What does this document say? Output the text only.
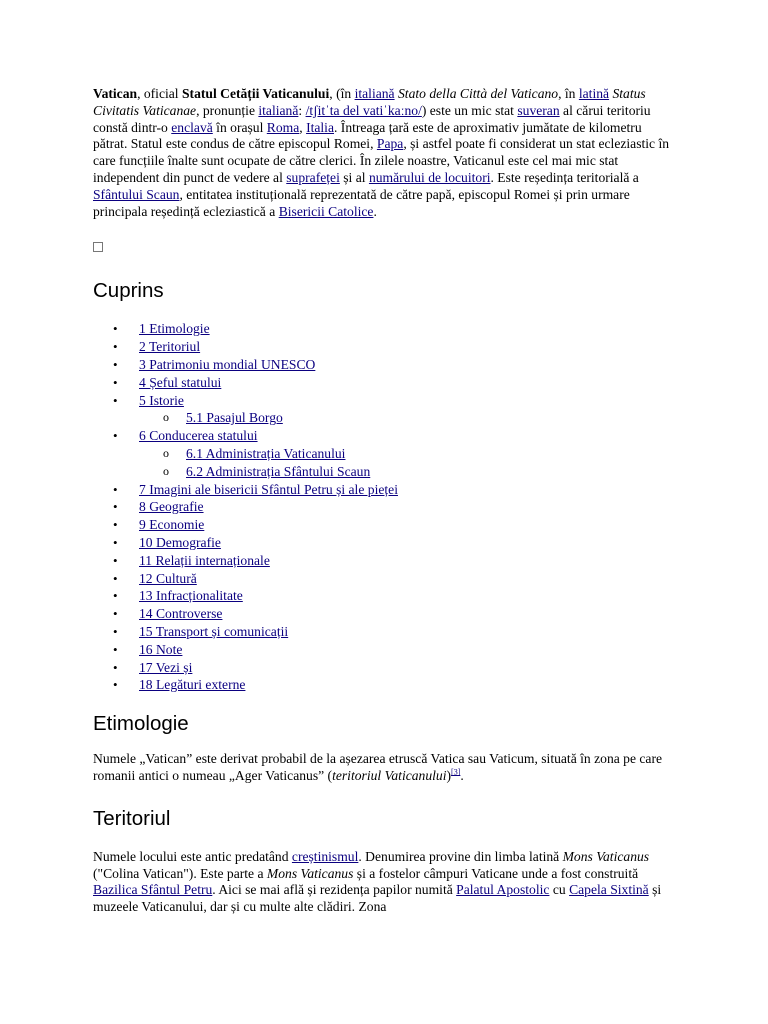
Vatican, oficial Statul Cetății Vaticanului, (în italiană Stato della Città del Vaticano, în latină Status Civitatis Vaticanae, pronunție italiană: /tʃitˈta del vatiˈkaːno/) este un mic stat suveran al cărui teritoriu constă dintr-o enclavă în orașul Roma, Italia. Întreaga țară este de aproximativ jumătate de kilometru pătrat. Statul este condus de către episcopul Romei, Papa, și astfel poate fi considerat un stat ecleziastic în care funcțiile înalte sunt ocupate de către clerici. În zilele noastre, Vaticanul este cel mai mic stat independent din punct de vedere al suprafeței și al numărului de locuitori. Este reședința teritorială a Sfântului Scaun, entitatea instituțională reprezentată de către papă, episcopul Romei și prin urmare principala reședință ecleziastică a Bisericii Catolice.

Cuprins
• 1 Etimologie
• 2 Teritoriul
• 3 Patrimoniu mondial UNESCO
• 4 Șeful statului
• 5 Istorie
o 5.1 Pasajul Borgo
• 6 Conducerea statului
o 6.1 Administrația Vaticanului
o 6.2 Administrația Sfântului Scaun
• 7 Imagini ale bisericii Sfântul Petru și ale pieței
• 8 Geografie
• 9 Economie
• 10 Demografie
• 11 Relații internaționale
• 12 Cultură
• 13 Infracționalitate
• 14 Controverse
• 15 Transport și comunicații
• 16 Note
• 17 Vezi și
• 18 Legături externe
Etimologie

Numele „Vatican” este derivat probabil de la așezarea etruscă Vatica sau Vaticum, situată în zona pe care romanii antici o numeau „Ager Vaticanus” (teritoriul Vaticanului)[3].

Teritoriul

Numele locului este antic predatând creștinismul. Denumirea provine din limba latină Mons Vaticanus ("Colina Vatican"). Este parte a Mons Vaticanus și a fostelor câmpuri Vaticane unde a fost construită Bazilica Sfântul Petru. Aici se mai află și rezidența papilor numită Palatul Apostolic cu Capela Sixtină și muzeele Vaticanului, dar și cu multe alte clădiri. Zona
